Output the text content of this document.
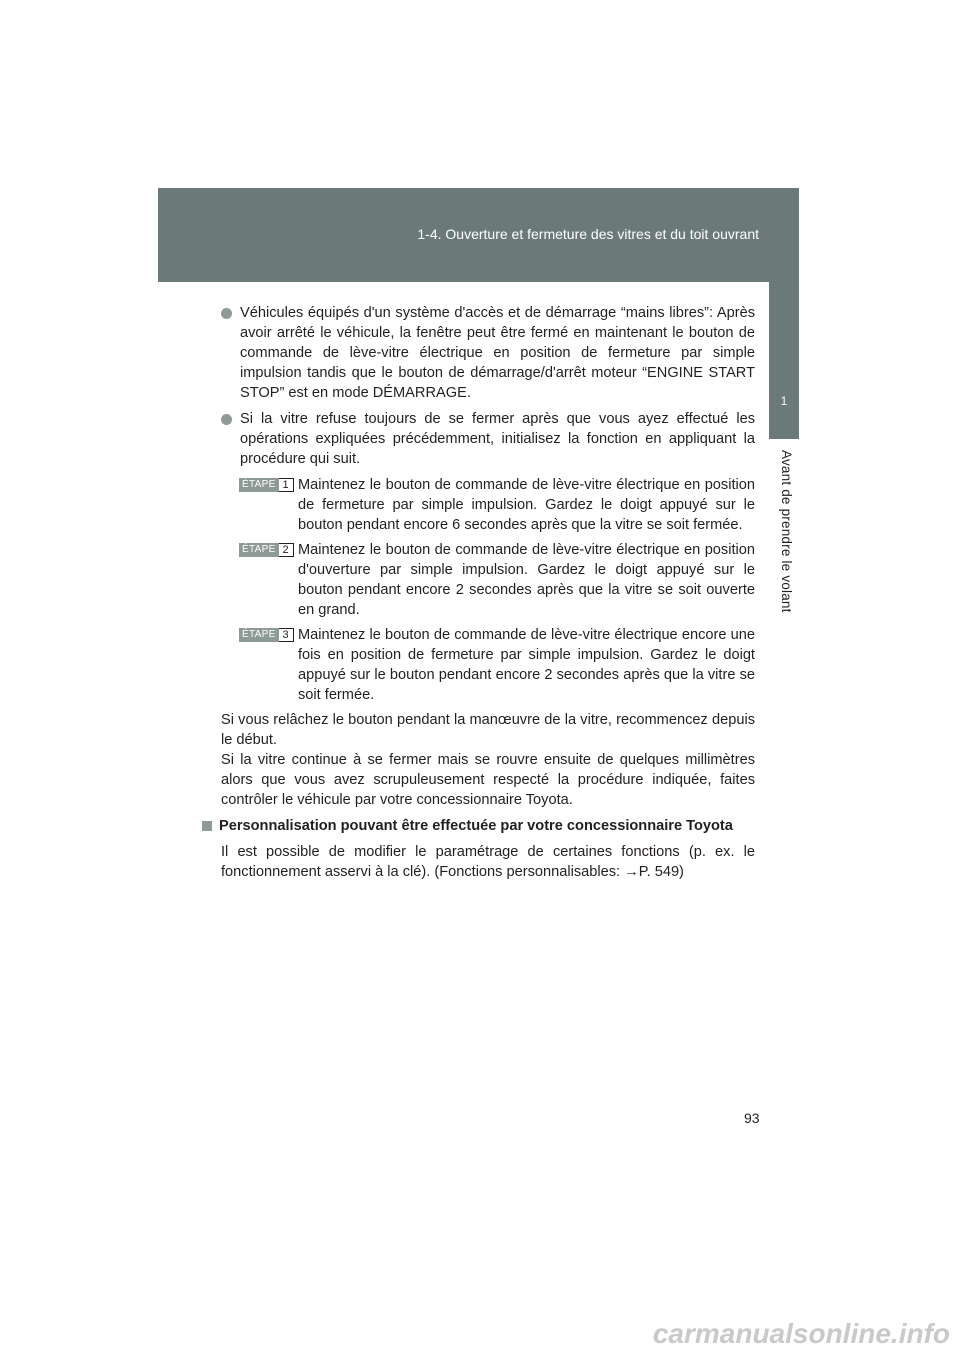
1-4. Ouverture et fermeture des vitres et du toit ouvrant
1
Avant de prendre le volant
Véhicules équipés d'un système d'accès et de démarrage “mains libres”: Après avoir arrêté le véhicule, la fenêtre peut être fermé en maintenant le bouton de commande de lève-vitre électrique en position de fermeture par simple impulsion tandis que le bouton de démarrage/d'arrêt moteur “ENGINE START STOP” est en mode DÉMARRAGE.
Si la vitre refuse toujours de se fermer après que vous ayez effectué les opérations expliquées précédemment, initialisez la fonction en appliquant la procédure qui suit.
ÉTAPE 1 Maintenez le bouton de commande de lève-vitre électrique en position de fermeture par simple impulsion. Gardez le doigt appuyé sur le bouton pendant encore 6 secondes après que la vitre se soit fermée.
ÉTAPE 2 Maintenez le bouton de commande de lève-vitre électrique en position d'ouverture par simple impulsion. Gardez le doigt appuyé sur le bouton pendant encore 2 secondes après que la vitre se soit ouverte en grand.
ÉTAPE 3 Maintenez le bouton de commande de lève-vitre électrique encore une fois en position de fermeture par simple impulsion. Gardez le doigt appuyé sur le bouton pendant encore 2 secondes après que la vitre se soit fermée.
Si vous relâchez le bouton pendant la manœuvre de la vitre, recommencez depuis le début.
Si la vitre continue à se fermer mais se rouvre ensuite de quelques millimètres alors que vous avez scrupuleusement respecté la procédure indiquée, faites contrôler le véhicule par votre concessionnaire Toyota.
Personnalisation pouvant être effectuée par votre concessionnaire Toyota
Il est possible de modifier le paramétrage de certaines fonctions (p. ex. le fonctionnement asservi à la clé). (Fonctions personnalisables: →P. 549)
93
carmanualsonline.info
